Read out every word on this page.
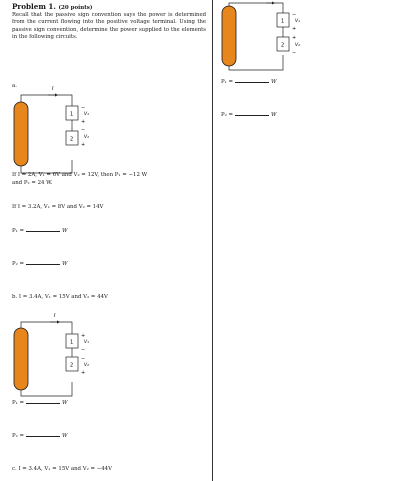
Problem 1. (20 points)
Recall that the passive sign convention says the power is determined from the current flowing into the positive voltage terminal. Using the passive sign convention, determine the power supplied to the elements in the following circuits.
a.	I
1
2
−
V₁
+
−
V₂
+
If I = 2A, V₁ = 6V and V₂ = 12V, then P₁ = −12 W
and P₂ = 24 W.
If I = 3.2A, V₁ = 8V and V₂ = 14V
P₁ =	W
P₂ =	W
b. I = 3.4A, V₁ = 15V and V₂ = 44V
I
1
2
+
V₁
−
−
V₂
+
P₁ =	W
P₂ =	W
c. I = 3.4A, V₁ = 15V and V₂ = −44V
1
2
−
V₁
+
+
V₂
−
P₁ =	W
P₂ =	W
